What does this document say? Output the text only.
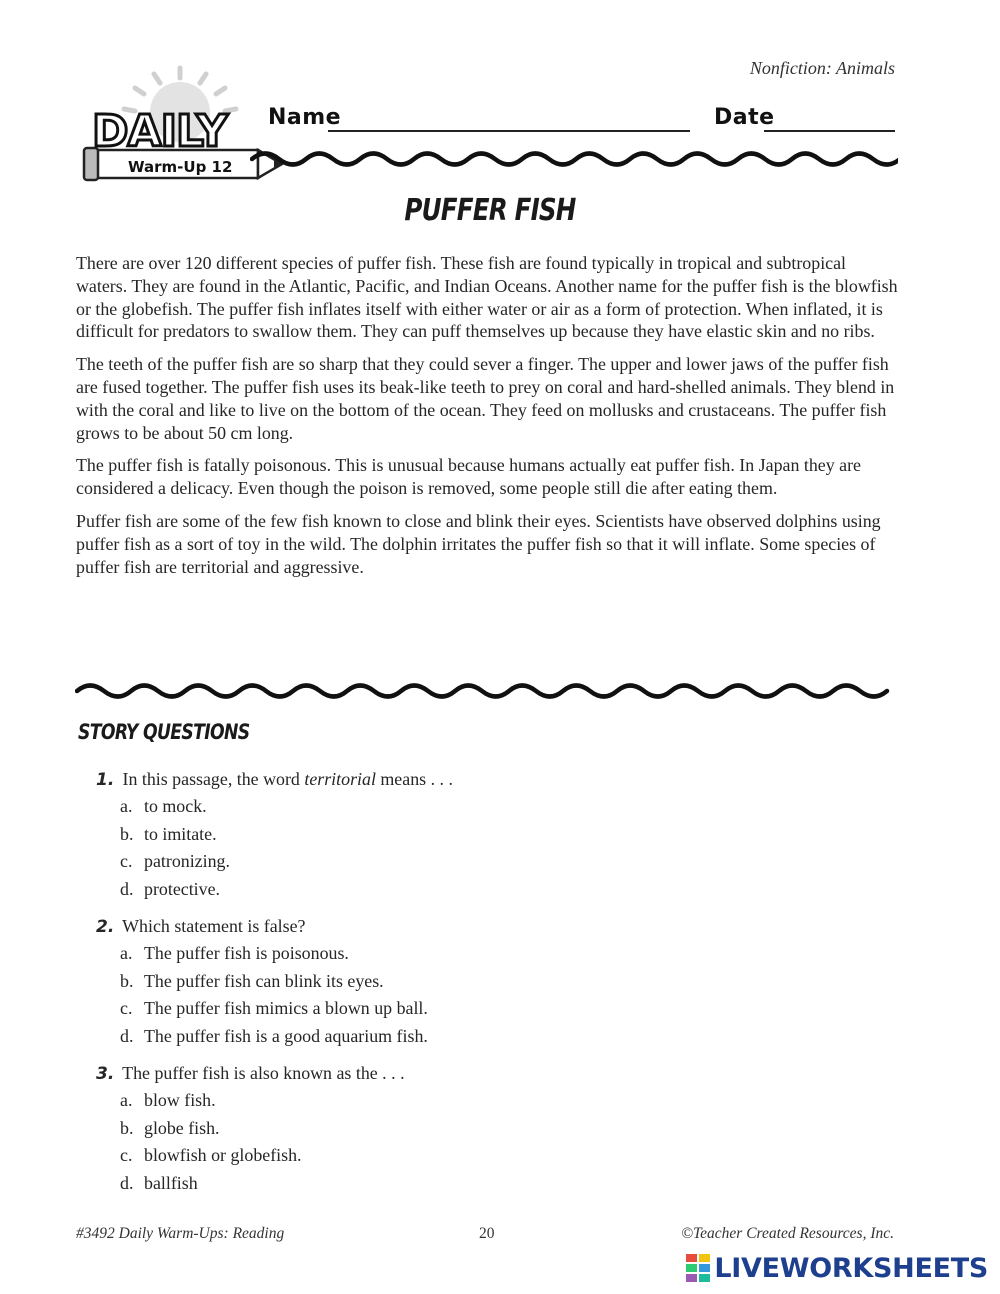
Nonfiction: Animals
DAILY
Warm-Up 12
Name	Date
PUFFER FISH

There are over 120 different species of puffer fish. These fish are found typically in tropical and subtropical waters. They are found in the Atlantic, Pacific, and Indian Oceans. Another name for the puffer fish is the blowfish or the globefish. The puffer fish inflates itself with either water or air as a form of protection. When inflated, it is difficult for predators to swallow them. They can puff themselves up because they have elastic skin and no ribs.

The teeth of the puffer fish are so sharp that they could sever a finger. The upper and lower jaws of the puffer fish are fused together. The puffer fish uses its beak-like teeth to prey on coral and hard-shelled animals. They blend in with the coral and like to live on the bottom of the ocean. They feed on mollusks and crustaceans. The puffer fish grows to be about 50 cm long.

The puffer fish is fatally poisonous. This is unusual because humans actually eat puffer fish. In Japan they are considered a delicacy. Even though the poison is removed, some people still die after eating them.

Puffer fish are some of the few fish known to close and blink their eyes. Scientists have observed dolphins using puffer fish as a sort of toy in the wild. The dolphin irritates the puffer fish so that it will inflate. Some species of puffer fish are territorial and aggressive.

STORY QUESTIONS
1. In this passage, the word territorial means . . .
a. to mock.
b. to imitate.
c. patronizing.
d. protective.
2. Which statement is false?
a. The puffer fish is poisonous.
b. The puffer fish can blink its eyes.
c. The puffer fish mimics a blown up ball.
d. The puffer fish is a good aquarium fish.
3. The puffer fish is also known as the . . .
a. blow fish.
b. globe fish.
c. blowfish or globefish.
d. ballfish
#3492 Daily Warm-Ups: Reading	20	©Teacher Created Resources, Inc.
LIVEWORKSHEETS
